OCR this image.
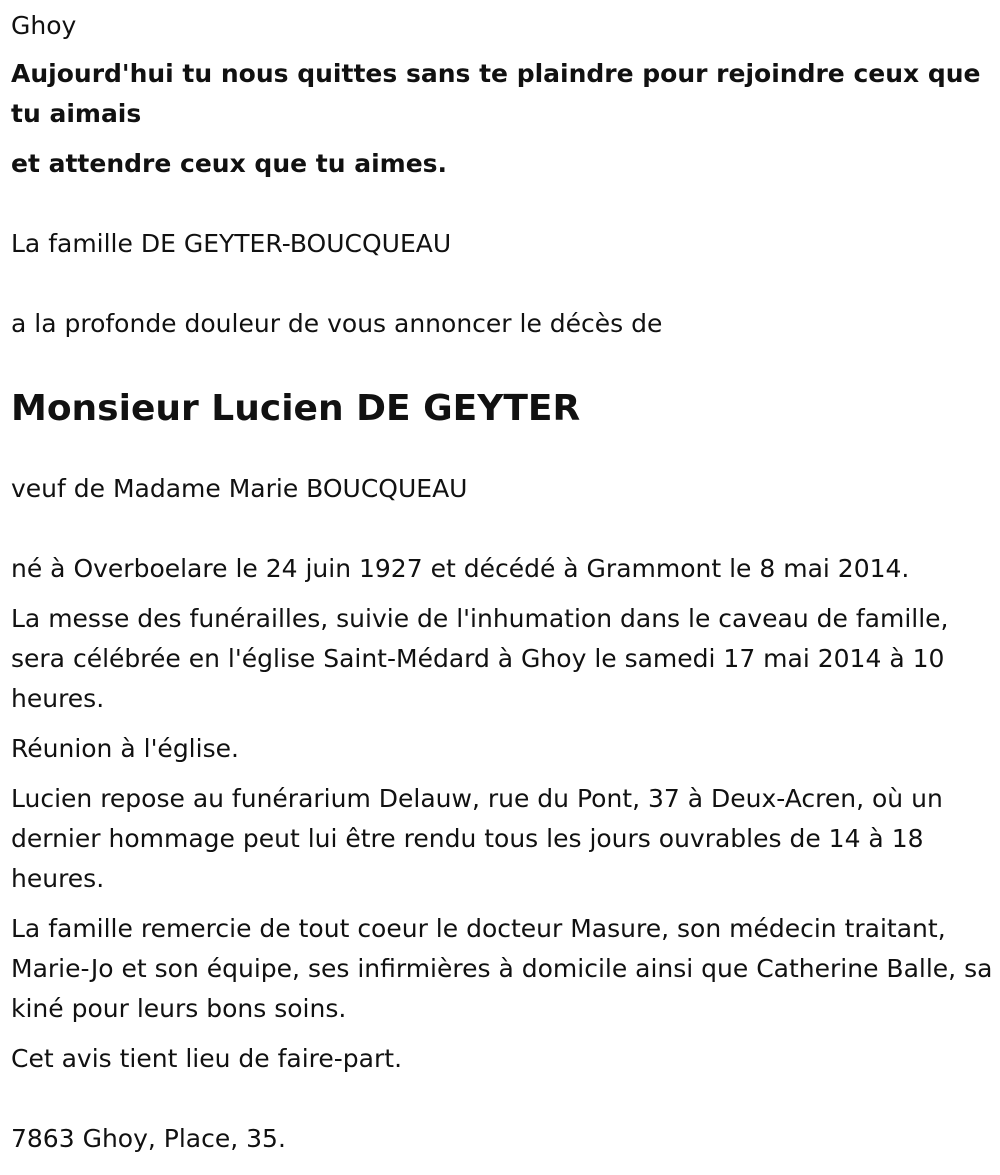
Ghoy

Aujourd'hui tu nous quittes sans te plaindre pour rejoindre ceux que tu aimais

et attendre ceux que tu aimes.

La famille DE GEYTER-BOUCQUEAU

a la profonde douleur de vous annoncer le décès de

Monsieur Lucien DE GEYTER

veuf de Madame Marie BOUCQUEAU

né à Overboelare le 24 juin 1927 et décédé à Grammont le 8 mai 2014.

La messe des funérailles, suivie de l'inhumation dans le caveau de famille, sera célébrée en l'église Saint-Médard à Ghoy le samedi 17 mai 2014 à 10 heures.

Réunion à l'église.

Lucien repose au funérarium Delauw, rue du Pont, 37 à Deux-Acren, où un dernier hommage peut lui être rendu tous les jours ouvrables de 14 à 18 heures.

La famille remercie de tout coeur le docteur Masure, son médecin traitant, Marie-Jo et son équipe, ses infirmières à domicile ainsi que Catherine Balle, sa kiné pour leurs bons soins.

Cet avis tient lieu de faire-part.

7863 Ghoy, Place, 35.
